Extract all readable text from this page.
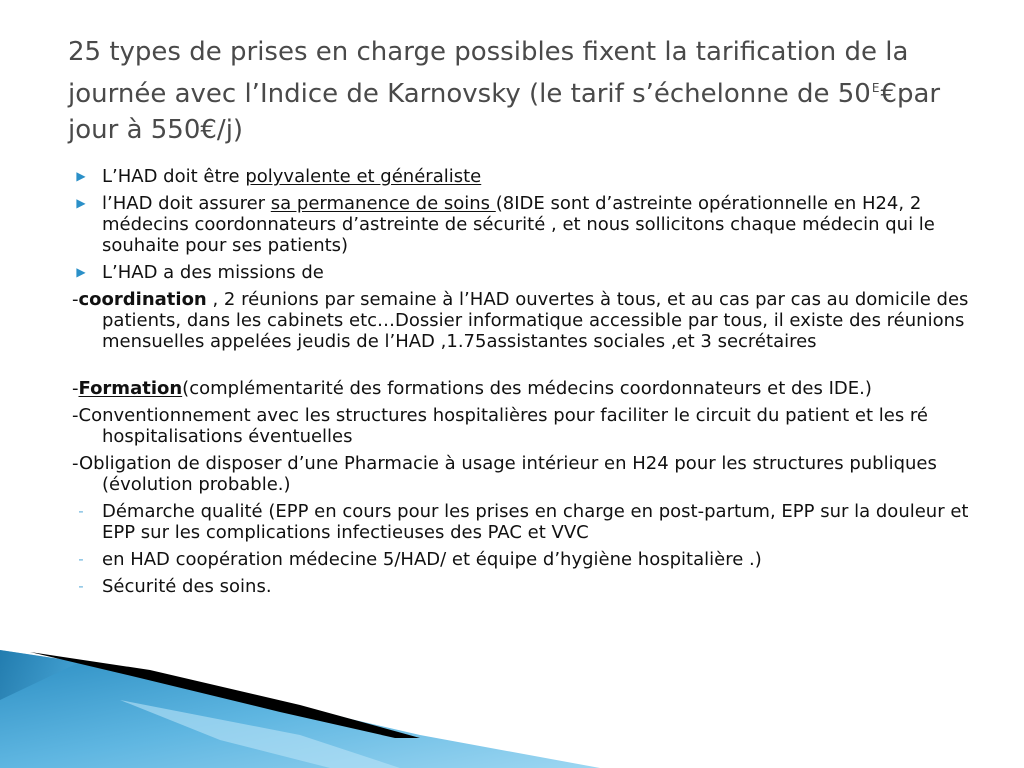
25 types de prises en charge possibles fixent la tarification de la journée avec l’Indice de Karnovsky (le tarif s’échelonne de $50^E€par$ jour à 550€/j)
▶ L’HAD doit être polyvalente et généraliste
▶ l’HAD doit assurer sa permanence de soins (8IDE sont d’astreinte opérationnelle en H24, 2 médecins coordonnateurs d’astreinte de sécurité , et nous sollicitons chaque médecin qui le souhaite pour ses patients)
▶ L’HAD a des missions de
-coordination , 2 réunions par semaine à l’HAD ouvertes à tous, et au cas par cas au domicile des patients, dans les cabinets etc…Dossier informatique accessible par tous, il existe des réunions mensuelles appelées jeudis de l’HAD ,1.75assistantes sociales ,et 3 secrétaires
-Formation(complémentarité des formations des médecins coordonnateurs et des IDE.)
-Conventionnement avec les structures hospitalières pour faciliter le circuit du patient et les ré hospitalisations éventuelles
-Obligation de disposer d’une Pharmacie à usage intérieur en H24 pour les structures publiques (évolution probable.)
-	Démarche qualité (EPP en cours pour les prises en charge en post-partum, EPP sur la douleur et EPP sur les complications infectieuses des PAC et VVC
-	en HAD coopération médecine 5/HAD/ et équipe d’hygiène hospitalière .)
-	Sécurité des soins.
